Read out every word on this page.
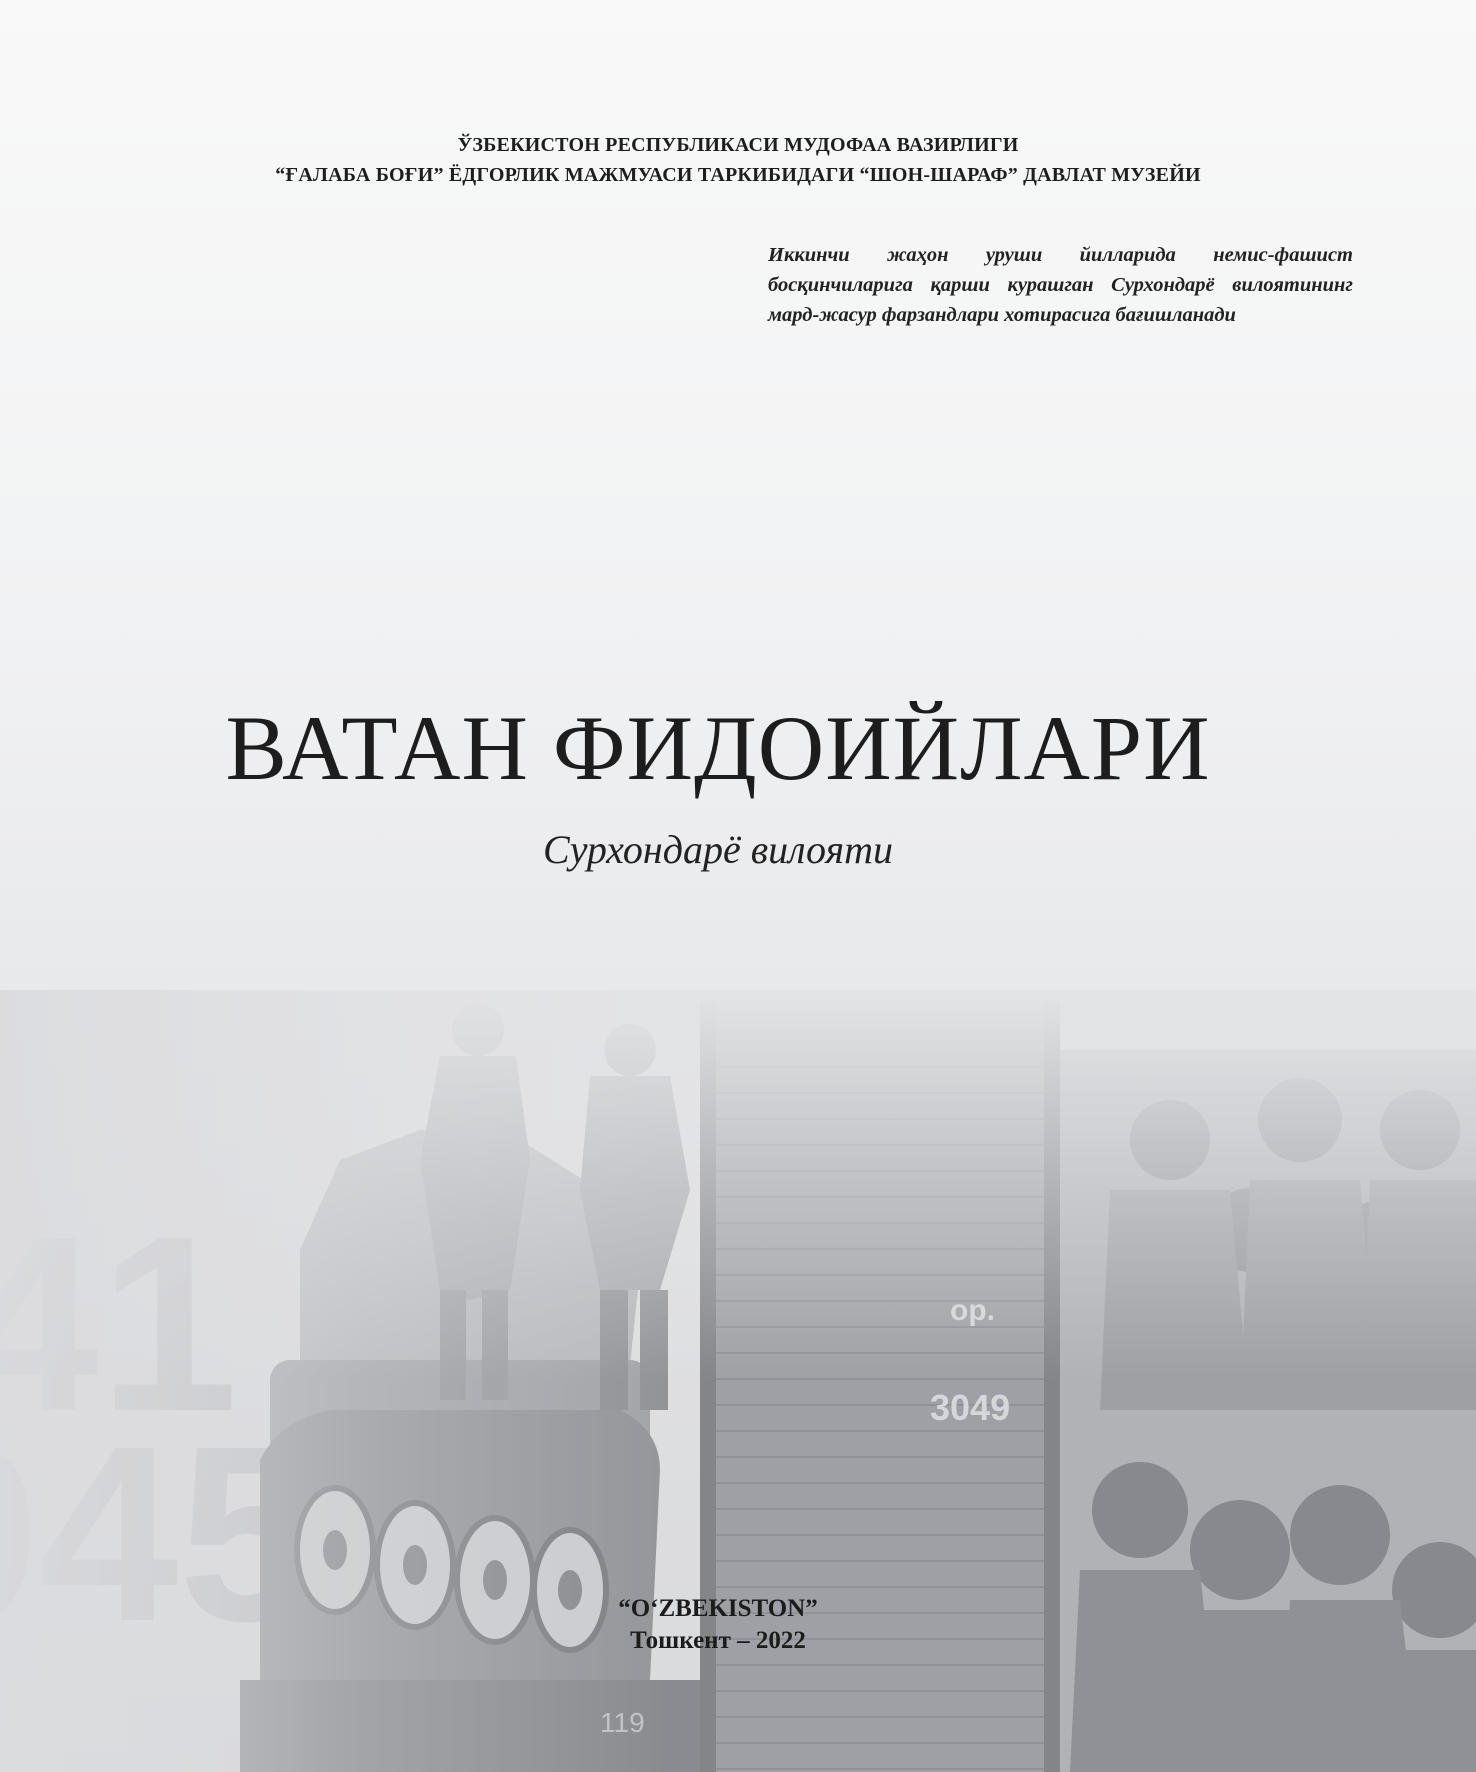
ЎЗБЕКИСТОН РЕСПУБЛИКАСИ МУДОФАА ВАЗИРЛИГИ
“ҒАЛАБА БОҒИ” ЁДГОРЛИК МАЖМУАСИ ТАРКИБИДАГИ “ШОН-ШАРАФ” ДАВЛАТ МУЗЕЙИ
Иккинчи жаҳон уруши йилларида немис-фашист босқинчиларига қарши курашган Сурхондарё вилоятининг мард-жасур фарзандлари хотирасига бағишланади
ВАТАН ФИДОИЙЛАРИ
Сурхондарё вилояти
“O‘ZBEKISTON”
Тошкент – 2022
